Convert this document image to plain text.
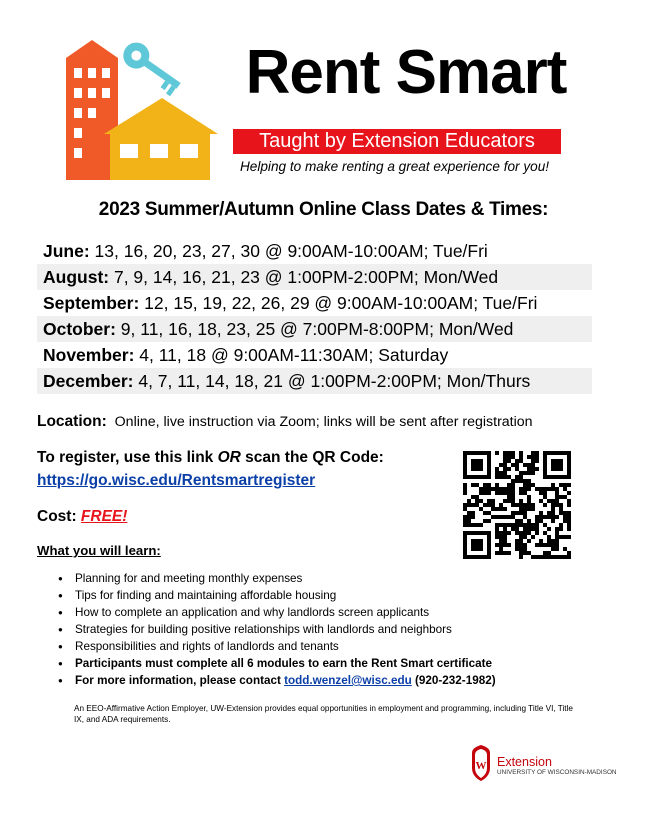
Rent Smart
Taught by Extension Educators
Helping to make renting a great experience for you!
2023 Summer/Autumn Online Class Dates & Times:
June: 13, 16, 20, 23, 27, 30 @ 9:00AM-10:00AM; Tue/Fri
August: 7, 9, 14, 16, 21, 23 @ 1:00PM-2:00PM; Mon/Wed
September: 12, 15, 19, 22, 26, 29 @ 9:00AM-10:00AM; Tue/Fri
October: 9, 11, 16, 18, 23, 25 @ 7:00PM-8:00PM; Mon/Wed
November: 4, 11, 18 @ 9:00AM-11:30AM; Saturday
December: 4, 7, 11, 14, 18, 21 @ 1:00PM-2:00PM; Mon/Thurs
Location: Online, live instruction via Zoom; links will be sent after registration
To register, use this link OR scan the QR Code:
https://go.wisc.edu/Rentsmartregister
Cost: FREE!
What you will learn:
● Planning for and meeting monthly expenses
● Tips for finding and maintaining affordable housing
● How to complete an application and why landlords screen applicants
● Strategies for building positive relationships with landlords and neighbors
● Responsibilities and rights of landlords and tenants
● Participants must complete all 6 modules to earn the Rent Smart certificate
● For more information, please contact todd.wenzel@wisc.edu (920-232-1982)
An EEO-Affirmative Action Employer, UW-Extension provides equal opportunities in employment and programming, including Title VI, Title IX, and ADA requirements.
W Extension
UNIVERSITY OF WISCONSIN-MADISON
